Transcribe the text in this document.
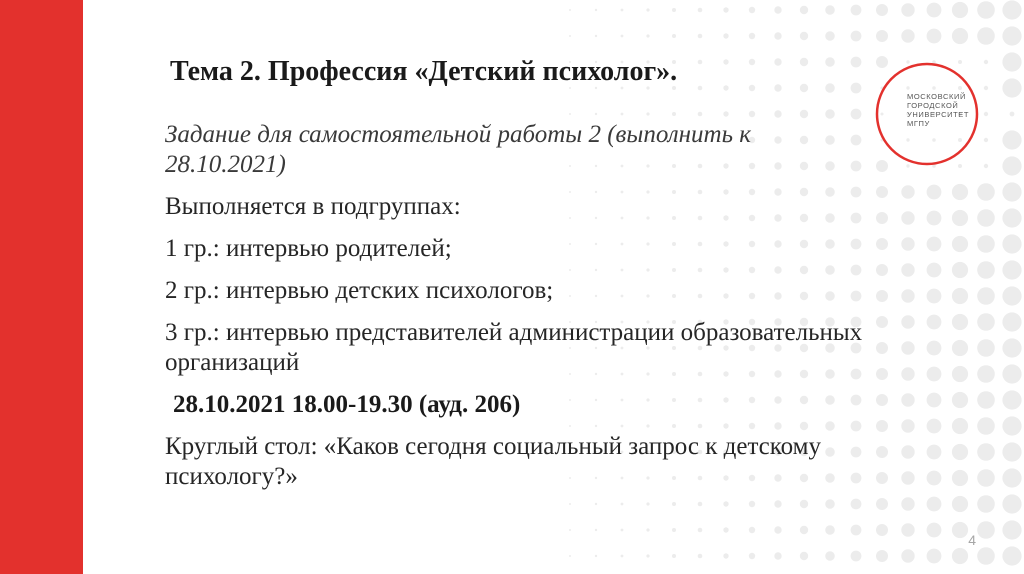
Тема 2. Профессия «Детский психолог».

Задание для самостоятельной работы 2 (выполнить к 28.10.2021)

Выполняется в подгруппах:

1 гр.: интервью родителей;

2 гр.: интервью детских психологов;

3 гр.: интервью представителей администрации образовательных организаций

28.10.2021 18.00-19.30 (ауд. 206)

Круглый стол: «Каков сегодня социальный запрос к детскому психологу?»

МОСКОВСКИЙ
ГОРОДСКОЙ
УНИВЕРСИТЕТ
МГПУ
4
